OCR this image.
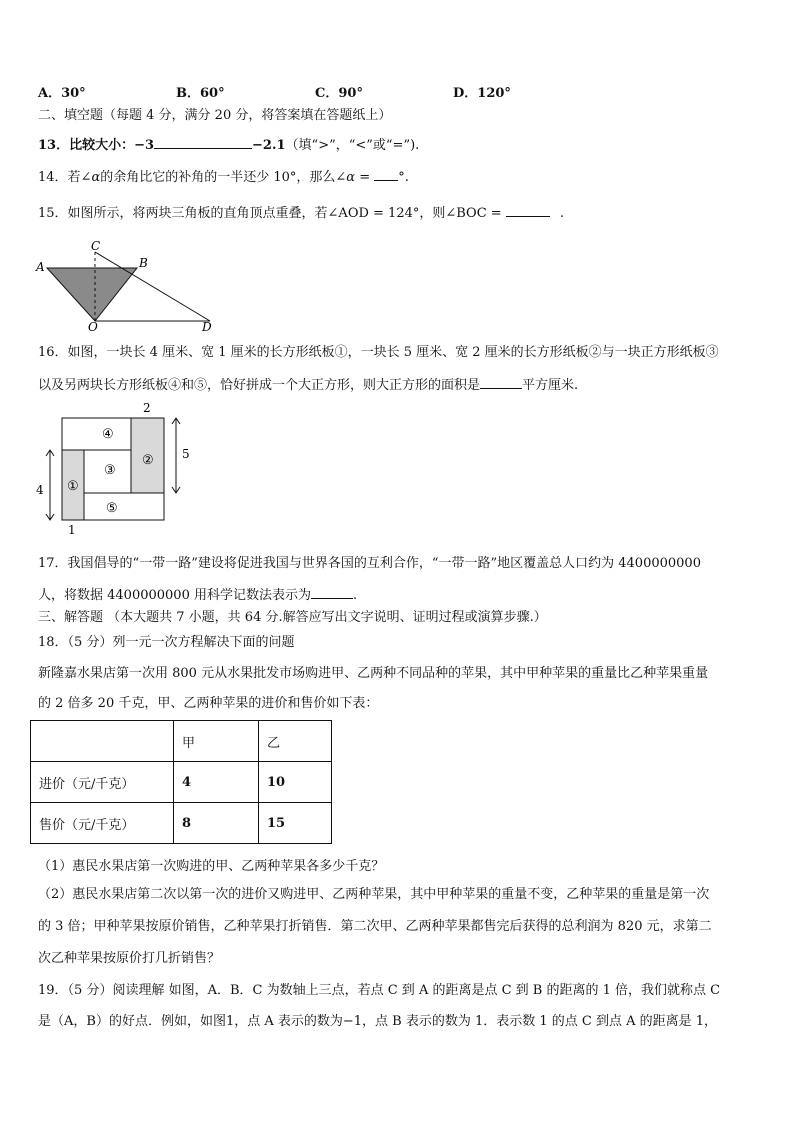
A．30°	B．60°	C．90°	D．120°
二、填空题（每题 4 分，满分 20 分，将答案填在答题纸上）
13．比较大小：−3	−2.1（填“>”，“<”或“=”).
14．若∠α的余角比它的补角的一半还少 10°，那么∠α = °.
15．如图所示，将两块三角板的直角顶点重叠，若∠AOD = 124°，则∠BOC =	.
C
A	B
O	D
16．如图，一块长 4 厘米、宽 1 厘米的长方形纸板①，一块长 5 厘米、宽 2 厘米的长方形纸板②与一块正方形纸板③
以及另两块长方形纸板④和⑤，恰好拼成一个大正方形，则大正方形的面积是	平方厘米.
④
②
③
①
⑤
2
5
4
1
17．我国倡导的“一带一路”建设将促进我国与世界各国的互利合作，“一带一路”地区覆盖总人口约为 4400000000
人，将数据 4400000000 用科学记数法表示为	.
三、解答题 （本大题共 7 小题，共 64 分.解答应写出文字说明、证明过程或演算步骤.）
18．（5 分）列一元一次方程解决下面的问题
新隆嘉水果店第一次用 800 元从水果批发市场购进甲、乙两种不同品种的苹果，其中甲种苹果的重量比乙种苹果重量
的 2 倍多 20 千克，甲、乙两种苹果的进价和售价如下表：
	甲	乙
进价（元/千克）	4	10
售价（元/千克）	8	15
（1）惠民水果店第一次购进的甲、乙两种苹果各多少千克？
（2）惠民水果店第二次以第一次的进价又购进甲、乙两种苹果，其中甲种苹果的重量不变，乙种苹果的重量是第一次
的 3 倍；甲种苹果按原价销售，乙种苹果打折销售．第二次甲、乙两种苹果都售完后获得的总利润为 820 元，求第二
次乙种苹果按原价打几折销售？
19．（5 分）阅读理解 如图，A．B．C 为数轴上三点，若点 C 到 A 的距离是点 C 到 B 的距离的 1 倍，我们就称点 C
是（A，B）的好点．例如，如图1，点 A 表示的数为−1，点 B 表示的数为 1．表示数 1 的点 C 到点 A 的距离是 1，
